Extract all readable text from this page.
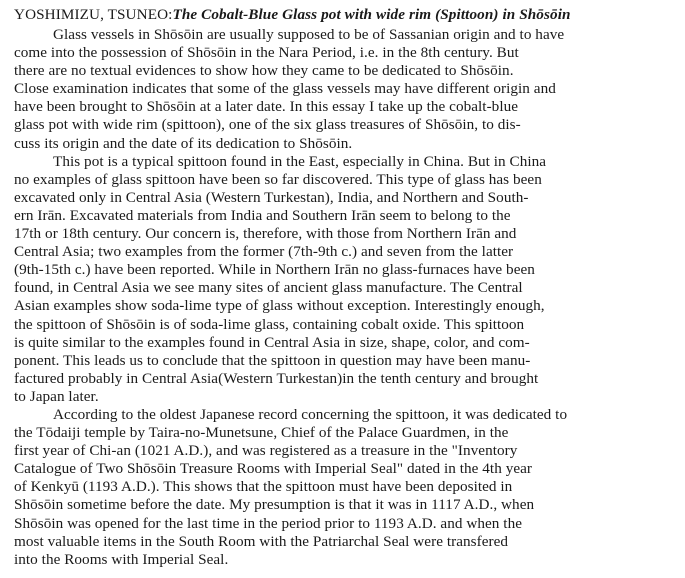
YOSHIMIZU, TSUNEO:The Cobalt-Blue Glass pot with wide rim (Spittoon) in Shōsōin

Glass vessels in Shōsōin are usually supposed to be of Sassanian origin and to have
come into the possession of Shōsōin in the Nara Period, i.e. in the 8th century. But
there are no textual evidences to show how they came to be dedicated to Shōsōin.
Close examination indicates that some of the glass vessels may have different origin and
have been brought to Shōsōin at a later date. In this essay I take up the cobalt-blue
glass pot with wide rim (spittoon), one of the six glass treasures of Shōsōin, to dis-
cuss its origin and the date of its dedication to Shōsōin.

This pot is a typical spittoon found in the East, especially in China. But in China
no examples of glass spittoon have been so far discovered. This type of glass has been
excavated only in Central Asia (Western Turkestan), India, and Northern and South-
ern Irān. Excavated materials from India and Southern Irān seem to belong to the
17th or 18th century. Our concern is, therefore, with those from Northern Irān and
Central Asia; two examples from the former (7th-9th c.) and seven from the latter
(9th-15th c.) have been reported. While in Northern Irān no glass-furnaces have been
found, in Central Asia we see many sites of ancient glass manufacture. The Central
Asian examples show soda-lime type of glass without exception. Interestingly enough,
the spittoon of Shōsōin is of soda-lime glass, containing cobalt oxide. This spittoon
is quite similar to the examples found in Central Asia in size, shape, color, and com-
ponent. This leads us to conclude that the spittoon in question may have been manu-
factured probably in Central Asia(Western Turkestan)in the tenth century and brought
to Japan later.

According to the oldest Japanese record concerning the spittoon, it was dedicated to
the Tōdaiji temple by Taira-no-Munetsune, Chief of the Palace Guardmen, in the
first year of Chi-an (1021 A.D.), and was registered as a treasure in the "Inventory
Catalogue of Two Shōsōin Treasure Rooms with Imperial Seal" dated in the 4th year
of Kenkyū (1193 A.D.). This shows that the spittoon must have been deposited in
Shōsōin sometime before the date. My presumption is that it was in 1117 A.D., when
Shōsōin was opened for the last time in the period prior to 1193 A.D. and when the
most valuable items in the South Room with the Patriarchal Seal were transfered
into the Rooms with Imperial Seal.
